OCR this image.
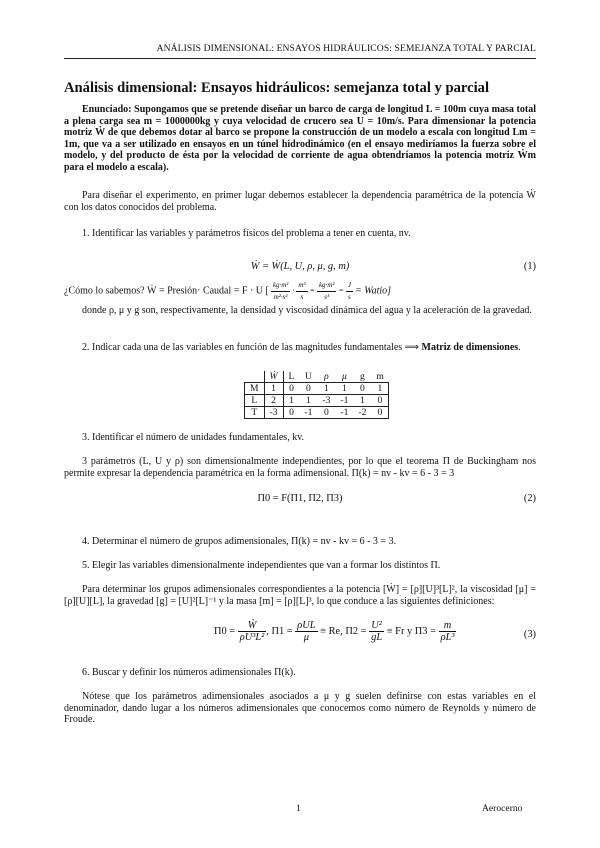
ANÁLISIS DIMENSIONAL: ENSAYOS HIDRÁULICOS: SEMEJANZA TOTAL Y PARCIAL
Análisis dimensional: Ensayos hidráulicos: semejanza total y parcial
Enunciado: Supongamos que se pretende diseñar un barco de carga de longitud L = 100m cuya masa total a plena carga sea m = 1000000kg y cuya velocidad de crucero sea U = 10m/s. Para dimensionar la potencia motriz Ẇ de que debemos dotar al barco se propone la construcción de un modelo a escala con longitud Lm = 1m, que va a ser utilizado en ensayos en un túnel hidrodinámico (en el ensayo mediríamos la fuerza sobre el modelo, y del producto de ésta por la velocidad de corriente de agua obtendríamos la potencia motriz Ẇm para el modelo a escala).
Para diseñar el experimento, en primer lugar debemos establecer la dependencia paramétrica de la potencia Ẇ con los datos conocidos del problema.
1. Identificar las variables y parámetros físicos del problema a tener en cuenta, nv.
Ẇ = Ẇ(L, U, ρ, μ, g, m)	(1)
¿Cómo lo sabemos? Ẇ = Presión· Caudal = F · U [ $\frac{\text{kg·m²}}{\text{m²·s²}} \cdot \frac{\text{m³}}{s} = \frac{\text{kg·m²}}{\text{s³}} = \frac{J}{s}$ = Watio]
donde ρ, μ y g son, respectivamente, la densidad y viscosidad dinámica del agua y la aceleración de la gravedad.
2. Indicar cada una de las variables en función de las magnitudes fundamentales ⟹ Matriz de dimensiones.
	Ẇ	L	U	ρ	μ	g	m
M	1	0	0	1	1	0	1
L	2	1	1	-3	-1	1	0
T	-3	0	-1	0	-1	-2	0
3. Identificar el número de unidades fundamentales, kv.
3 parámetros (L, U y ρ) son dimensionalmente independientes, por lo que el teorema Π de Buckingham nos permite expresar la dependencia paramétrica en la forma adimensional. Π(k) = nv - kv = 6 - 3 = 3
Π0 = F(Π1, Π2, Π3)	(2)
4. Determinar el número de grupos adimensionales, Π(k) = nv - kv = 6 - 3 = 3.
5. Elegir las variables dimensionalmente independientes que van a formar los distintos Π.
Para determinar los grupos adimensionales correspondientes a la potencia [Ẇ] = [ρ][U]³[L]², la viscosidad [μ] = [ρ][U][L], la gravedad [g] = [U]²[L]⁻¹ y la masa [m] = [ρ][L]³, lo que conduce a las siguientes definiciones:
$\Pi 0 = \frac{\text{Ẇ}}{\text{ρU³L²}}$ , $\Pi 1 = \frac{\text{ρUL}}{\mu} \equiv Re$, $\Pi 2 = \frac{\text{U²}}{gL} \equiv Fr$ y $\Pi 3 = \frac{m}{\text{ρL³}}$	(3)
6. Buscar y definir los números adimensionales Π(k).
Nótese que los parámetros adimensionales asociados a μ y g suelen definirse con estas variables en el denominador, dando lugar a los números adimensionales que conocemos como número de Reynolds y número de Froude.
1	Aerocerno
